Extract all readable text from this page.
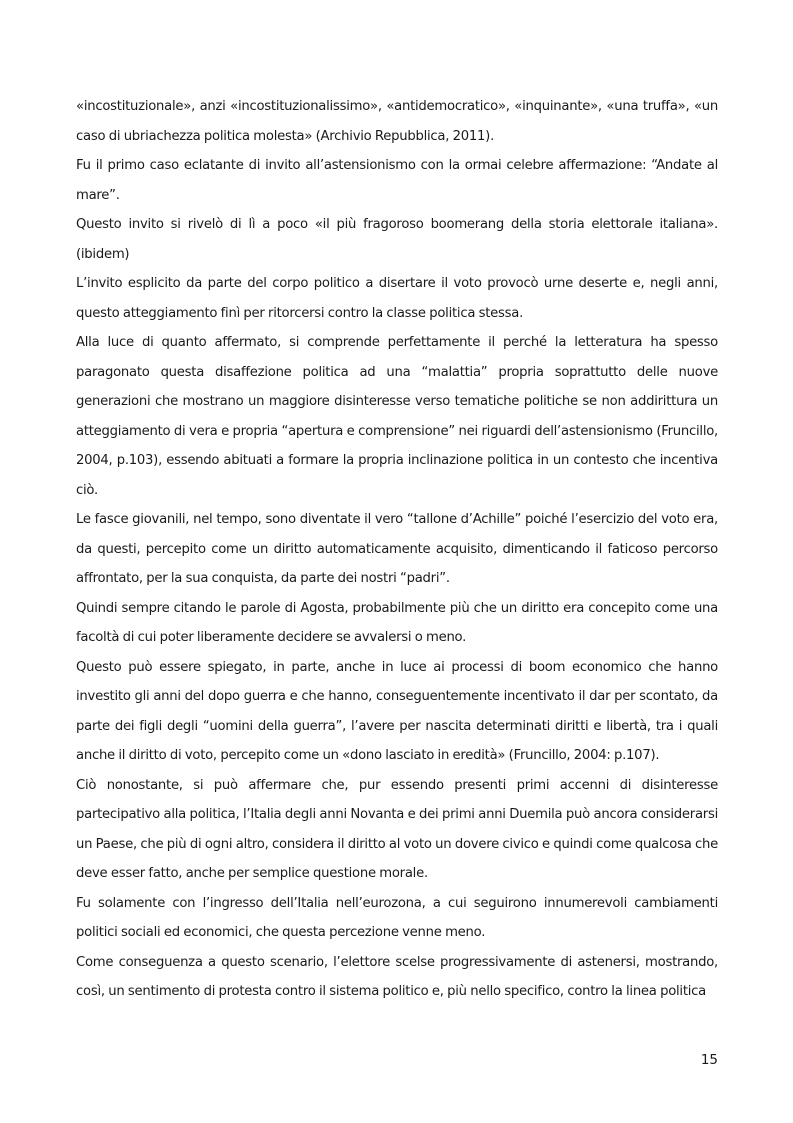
«incostituzionale», anzi «incostituzionalissimo», «antidemocratico», «inquinante», «una truffa», «un caso di ubriachezza politica molesta» (Archivio Repubblica, 2011).

Fu il primo caso eclatante di invito all’astensionismo con la ormai celebre affermazione: “Andate al mare”.

Questo invito si rivelò di lì a poco «il più fragoroso boomerang della storia elettorale italiana». (ibidem)

L’invito esplicito da parte del corpo politico a disertare il voto provocò urne deserte e, negli anni, questo atteggiamento finì per ritorcersi contro la classe politica stessa.

Alla luce di quanto affermato, si comprende perfettamente il perché la letteratura ha spesso paragonato questa disaffezione politica ad una “malattia” propria soprattutto delle nuove generazioni che mostrano un maggiore disinteresse verso tematiche politiche se non addirittura un atteggiamento di vera e propria “apertura e comprensione” nei riguardi dell’astensionismo (Fruncillo, 2004, p.103), essendo abituati a formare la propria inclinazione politica in un contesto che incentiva ciò.

Le fasce giovanili, nel tempo, sono diventate il vero “tallone d’Achille” poiché l’esercizio del voto era, da questi, percepito come un diritto automaticamente acquisito, dimenticando il faticoso percorso affrontato, per la sua conquista, da parte dei nostri “padri”.

Quindi sempre citando le parole di Agosta, probabilmente più che un diritto era concepito come una facoltà di cui poter liberamente decidere se avvalersi o meno.

Questo può essere spiegato, in parte, anche in luce ai processi di boom economico che hanno investito gli anni del dopo guerra e che hanno, conseguentemente incentivato il dar per scontato, da parte dei figli degli “uomini della guerra”, l’avere per nascita determinati diritti e libertà, tra i quali anche il diritto di voto, percepito come un «dono lasciato in eredità» (Fruncillo, 2004: p.107).

Ciò nonostante, si può affermare che, pur essendo presenti primi accenni di disinteresse partecipativo alla politica, l’Italia degli anni Novanta e dei primi anni Duemila può ancora considerarsi un Paese, che più di ogni altro, considera il diritto al voto un dovere civico e quindi come qualcosa che deve esser fatto, anche per semplice questione morale.

Fu solamente con l’ingresso dell’Italia nell’eurozona, a cui seguirono innumerevoli cambiamenti politici sociali ed economici, che questa percezione venne meno.

Come conseguenza a questo scenario, l’elettore scelse progressivamente di astenersi, mostrando, così, un sentimento di protesta contro il sistema politico e, più nello specifico, contro la linea politica

15
